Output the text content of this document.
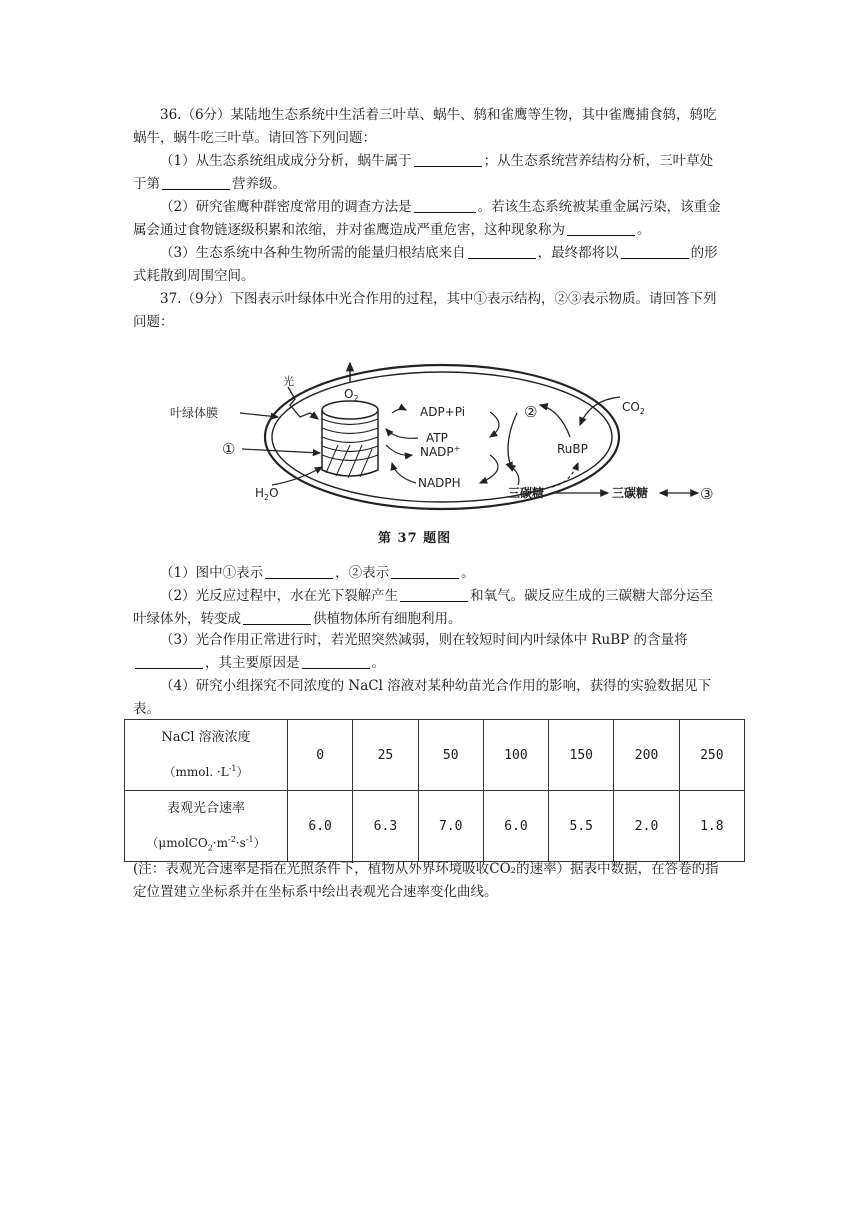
36.（6分）某陆地生态系统中生活着三叶草、蜗牛、鸫和雀鹰等生物，其中雀鹰捕食鸫，鸫吃蜗牛，蜗牛吃三叶草。请回答下列问题：

（1）从生态系统组成成分分析，蜗牛属于	；从生态系统营养结构分析，三叶草处于第	营养级。

（2）研究雀鹰种群密度常用的调查方法是	。若该生态系统被某重金属污染，该重金属会通过食物链逐级积累和浓缩，并对雀鹰造成严重危害，这种现象称为	。

（3）生态系统中各种生物所需的能量归根结底来自	，最终都将以	的形式耗散到周围空间。

37.（9分）下图表示叶绿体中光合作用的过程，其中①表示结构，②③表示物质。请回答下列问题：

光
叶绿体膜
①
$O_2$
$H_2O$
ADP+Pi
ATP
NADP+
NADPH
②	$CO_2$
RuBP
三碳糖	三碳糖	③
第 37 题图

（1）图中①表示	，②表示	。

（2）光反应过程中，水在光下裂解产生	和氧气。碳反应生成的三碳糖大部分运至叶绿体外，转变成	供植物体所有细胞利用。

（3）光合作用正常进行时，若光照突然减弱，则在较短时间内叶绿体中 RuBP 的含量将，其主要原因是	。

（4）研究小组探究不同浓度的 NaCl 溶液对某种幼苗光合作用的影响，获得的实验数据见下表。

NaCl 溶液浓度
（mmol. $\cdot L^{-1}$）	0	25	50	100	150	200	250

表观光合速率
$(\mu molCO_2\cdot m^{-2}\cdot s^{-1})$	6.0	6.3	7.0	6.0	5.5	2.0	1.8

(注：表观光合速率是指在光照条件下，植物从外界环境吸收CO₂的速率）据表中数据，在答卷的指定位置建立坐标系并在坐标系中绘出表观光合速率变化曲线。
